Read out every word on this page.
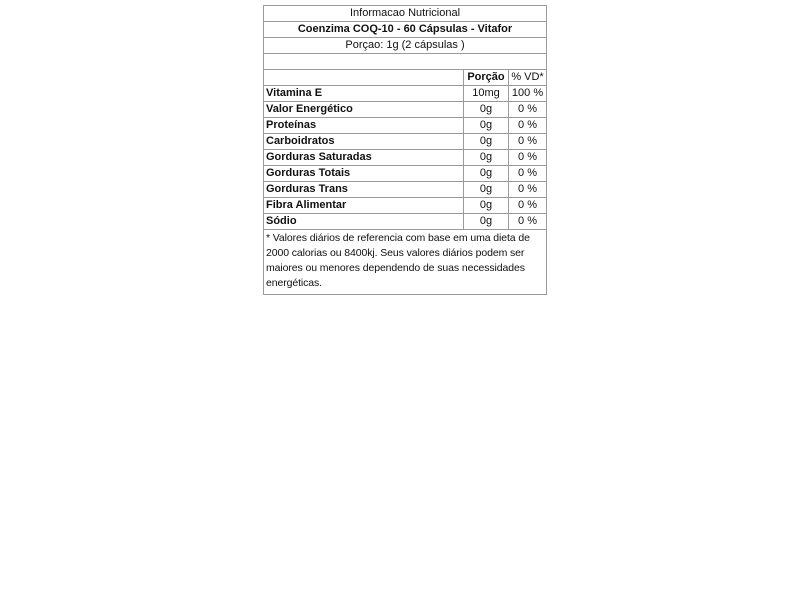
Informacao Nutricional		
Coenzima COQ-10 - 60 Cápsulas - Vitafor		
Porçao: 1g (2 cápsulas )		

	Porção	% VD*
Vitamina E	10mg	100 %
Valor Energético	0g	0 %
Proteínas	0g	0 %
Carboidratos	0g	0 %
Gorduras Saturadas	0g	0 %
Gorduras Totais	0g	0 %
Gorduras Trans	0g	0 %
Fibra Alimentar	0g	0 %
Sódio	0g	0 %
* Valores diários de referencia com base em uma dieta de 2000 calorias ou 8400kj. Seus valores diários podem ser maiores ou menores dependendo de suas necessidades energéticas.		
